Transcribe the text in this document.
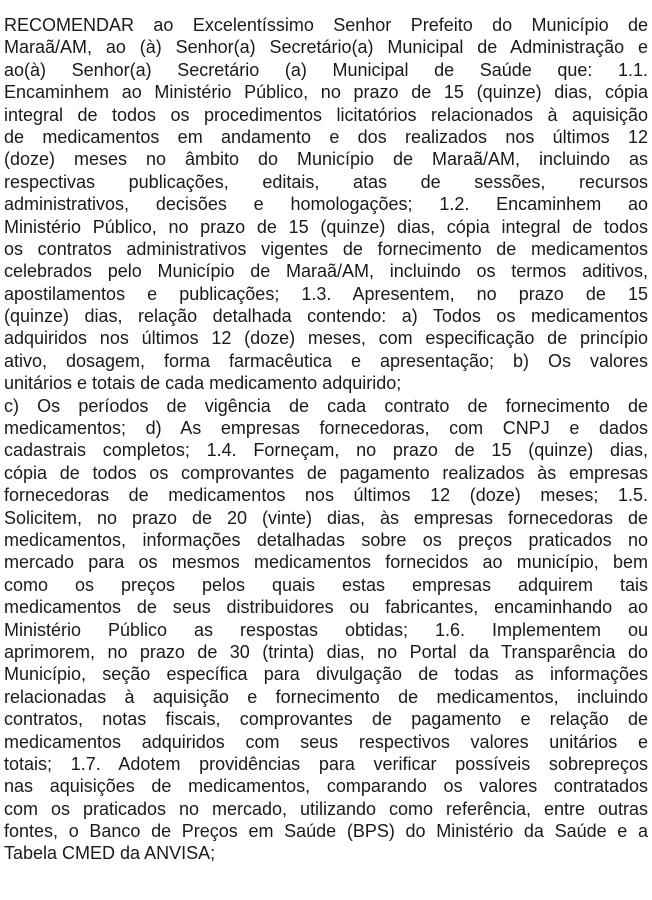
RECOMENDAR ao Excelentíssimo Senhor Prefeito do Município de
Maraã/AM, ao (à) Senhor(a) Secretário(a) Municipal de Administração e
ao(à) Senhor(a) Secretário (a) Municipal de Saúde que: 1.1.
Encaminhem ao Ministério Público, no prazo de 15 (quinze) dias, cópia
integral de todos os procedimentos licitatórios relacionados à aquisição
de medicamentos em andamento e dos realizados nos últimos 12
(doze) meses no âmbito do Município de Maraã/AM, incluindo as
respectivas publicações, editais, atas de sessões, recursos
administrativos, decisões e homologações; 1.2. Encaminhem ao
Ministério Público, no prazo de 15 (quinze) dias, cópia integral de todos
os contratos administrativos vigentes de fornecimento de medicamentos
celebrados pelo Município de Maraã/AM, incluindo os termos aditivos,
apostilamentos e publicações; 1.3. Apresentem, no prazo de 15
(quinze) dias, relação detalhada contendo: a) Todos os medicamentos
adquiridos nos últimos 12 (doze) meses, com especificação de princípio
ativo, dosagem, forma farmacêutica e apresentação; b) Os valores
unitários e totais de cada medicamento adquirido;
c) Os períodos de vigência de cada contrato de fornecimento de
medicamentos; d) As empresas fornecedoras, com CNPJ e dados
cadastrais completos; 1.4. Forneçam, no prazo de 15 (quinze) dias,
cópia de todos os comprovantes de pagamento realizados às empresas
fornecedoras de medicamentos nos últimos 12 (doze) meses; 1.5.
Solicitem, no prazo de 20 (vinte) dias, às empresas fornecedoras de
medicamentos, informações detalhadas sobre os preços praticados no
mercado para os mesmos medicamentos fornecidos ao município, bem
como os preços pelos quais estas empresas adquirem tais
medicamentos de seus distribuidores ou fabricantes, encaminhando ao
Ministério Público as respostas obtidas; 1.6. Implementem ou
aprimorem, no prazo de 30 (trinta) dias, no Portal da Transparência do
Município, seção específica para divulgação de todas as informações
relacionadas à aquisição e fornecimento de medicamentos, incluindo
contratos, notas fiscais, comprovantes de pagamento e relação de
medicamentos adquiridos com seus respectivos valores unitários e
totais; 1.7. Adotem providências para verificar possíveis sobrepreços
nas aquisições de medicamentos, comparando os valores contratados
com os praticados no mercado, utilizando como referência, entre outras
fontes, o Banco de Preços em Saúde (BPS) do Ministério da Saúde e a
Tabela CMED da ANVISA;
